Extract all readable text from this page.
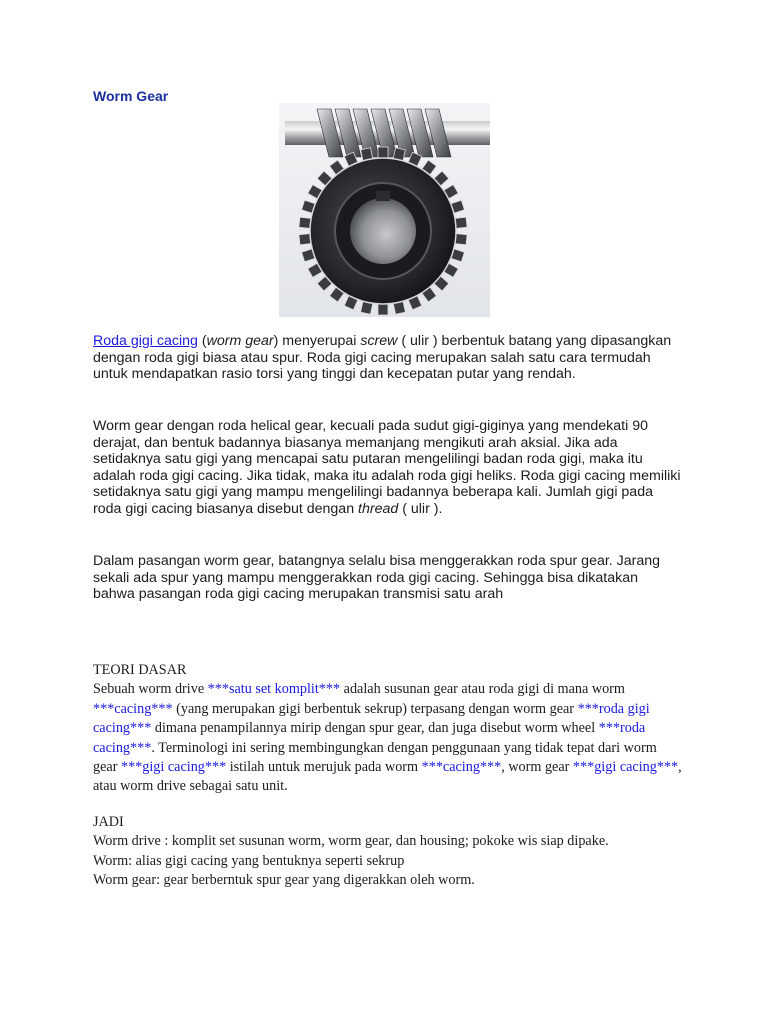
Worm Gear
Roda gigi cacing (worm gear) menyerupai screw ( ulir ) berbentuk batang yang dipasangkan dengan roda gigi biasa atau spur. Roda gigi cacing merupakan salah satu cara termudah untuk mendapatkan rasio torsi yang tinggi dan kecepatan putar yang rendah.
Worm gear dengan roda helical gear, kecuali pada sudut gigi-giginya yang mendekati 90 derajat, dan bentuk badannya biasanya memanjang mengikuti arah aksial. Jika ada setidaknya satu gigi yang mencapai satu putaran mengelilingi badan roda gigi, maka itu adalah roda gigi cacing. Jika tidak, maka itu adalah roda gigi heliks. Roda gigi cacing memiliki setidaknya satu gigi yang mampu mengelilingi badannya beberapa kali. Jumlah gigi pada roda gigi cacing biasanya disebut dengan thread ( ulir ).
Dalam pasangan worm gear, batangnya selalu bisa menggerakkan roda spur gear. Jarang sekali ada spur yang mampu menggerakkan roda gigi cacing. Sehingga bisa dikatakan bahwa pasangan roda gigi cacing merupakan transmisi satu arah
TEORI DASAR
Sebuah worm drive ***satu set komplit*** adalah susunan gear atau roda gigi di mana worm ***cacing*** (yang merupakan gigi berbentuk sekrup) terpasang dengan worm gear ***roda gigi cacing*** dimana penampilannya mirip dengan spur gear, dan juga disebut worm wheel ***roda cacing***. Terminologi ini sering membingungkan dengan penggunaan yang tidak tepat dari worm gear ***gigi cacing*** istilah untuk merujuk pada worm ***cacing***, worm gear ***gigi cacing***, atau worm drive sebagai satu unit.
JADI
Worm drive : komplit set susunan worm, worm gear, dan housing; pokoke wis siap dipake.
Worm: alias gigi cacing yang bentuknya seperti sekrup
Worm gear: gear berberntuk spur gear yang digerakkan oleh worm.
